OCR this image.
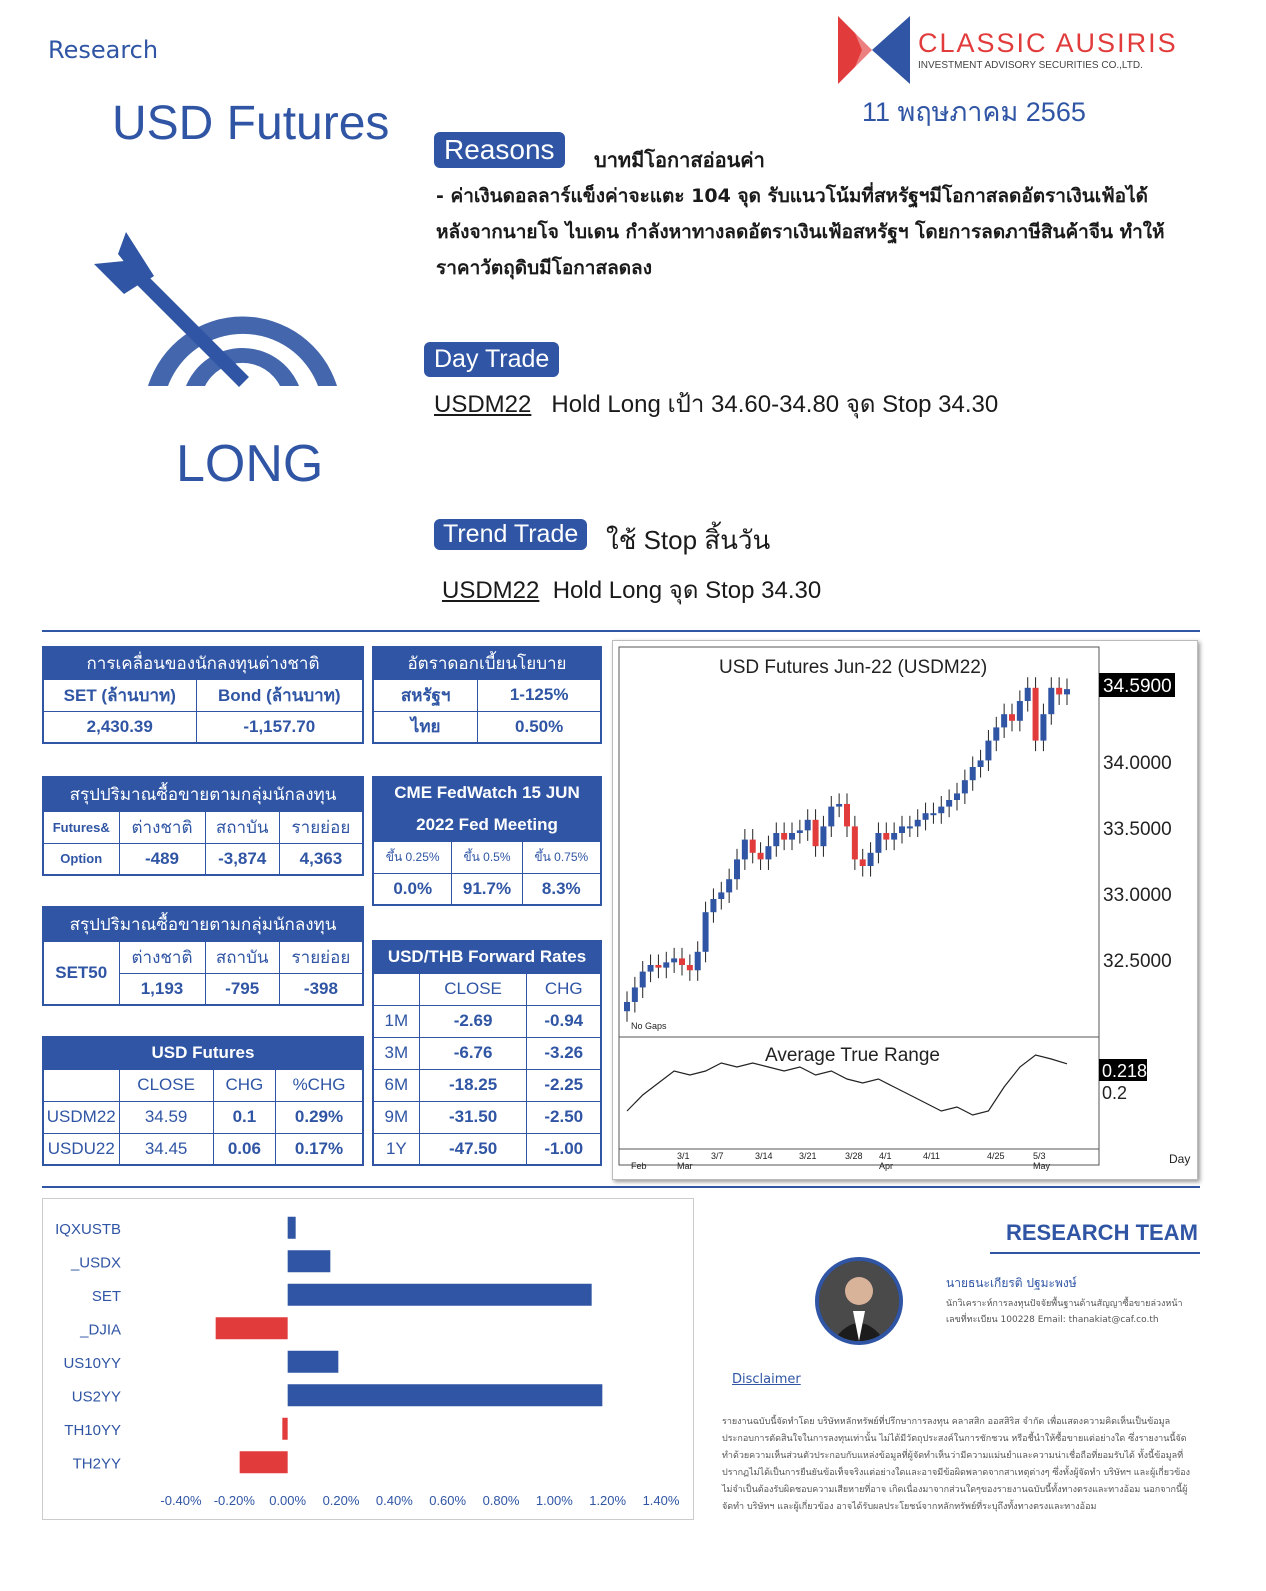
Research
USD Futures
CLASSIC AUSIRIS
INVESTMENT ADVISORY SECURITIES CO.,LTD.
11 พฤษภาคม 2565
LONG
Reasons	บาทมีโอกาสอ่อนค่า
- ค่าเงินดอลลาร์แข็งค่าจะแตะ 104 จุด รับแนวโน้มที่สหรัฐฯมีโอกาสลดอัตราเงินเฟ้อได้ หลังจากนายโจ ไบเดน กำลังหาทางลดอัตราเงินเฟ้อสหรัฐฯ โดยการลดภาษีสินค้าจีน ทำให้ราคาวัตถุดิบมีโอกาสลดลง
Day Trade
USDM22 Hold Long เป้า 34.60-34.80 จุด Stop 34.30
Trend Trade	ใช้ Stop สิ้นวัน
USDM22 Hold Long จุด Stop 34.30
การเคลื่อนของนักลงทุนต่างชาติ	
SET (ล้านบาท)	Bond (ล้านบาท)
2,430.39	-1,157.70
อัตราดอกเบี้ยนโยบาย	
สหรัฐฯ	1-125%
ไทย	0.50%
สรุปปริมาณซื้อขายตามกลุ่มนักลงทุน			
Futures&	ต่างชาติ	สถาบัน	รายย่อย
Option	-489	-3,874	4,363
CME FedWatch 15 JUN		
2022 Fed Meeting		
ขึ้น 0.25%	ขึ้น 0.5%	ขึ้น 0.75%
0.0%	91.7%	8.3%
สรุปปริมาณซื้อขายตามกลุ่มนักลงทุน			
SET50	ต่างชาติ	สถาบัน	รายย่อย
	1,193	-795	-398
USD/THB Forward Rates		
	CLOSE	CHG
1M	-2.69	-0.94
3M	-6.76	-3.26
6M	-18.25	-2.25
9M	-31.50	-2.50
1Y	-47.50	-1.00
USD Futures			
	CLOSE	CHG	%CHG
USDM22	34.59	0.1	0.29%
USDU22	34.45	0.06	0.17%
USD Futures Jun-22 (USDM22)
34.5900
34.0000
33.5000
33.0000
32.5000
No Gaps
Average True Range
0.218
0.2
3/1 3/7	3/14	3/21	3/28 4/1	4/11	4/25	5/3
Feb	Mar	Apr	May	Day
IQXUSTB
_USDX
SET
_DJIA
US10YY
US2YY
TH10YY
TH2YY
-0.40% -0.20% 0.00% 0.20% 0.40% 0.60% 0.80% 1.00% 1.20% 1.40%
RESEARCH TEAM
นายธนะเกียรติ ปฐมะพงษ์
นักวิเคราะห์การลงทุนปัจจัยพื้นฐานด้านสัญญาซื้อขายล่วงหน้า เลขที่ทะเบียน 100228 Email: thanakiat@caf.co.th
Disclaimer
รายงานฉบับนี้จัดทำโดย บริษัทหลักทรัพย์ที่ปรึกษาการลงทุน คลาสสิก ออสสิริส จำกัด เพื่อแสดงความคิดเห็นเป็นข้อมูลประกอบการตัดสินใจในการลงทุนเท่านั้น ไม่ได้มีวัตถุประสงค์ในการชักชวน หรือชี้นำให้ซื้อขายแต่อย่างใด ซึ่งรายงานนี้จัดทำด้วยความเห็นส่วนตัวประกอบกับแหล่งข้อมูลที่ผู้จัดทำเห็นว่ามีความแม่นยำและความน่าเชื่อถือที่ยอมรับได้ ทั้งนี้ข้อมูลที่ปรากฏไม่ได้เป็นการยืนยันข้อเท็จจริงแต่อย่างใดและอาจมีข้อผิดพลาดจากสาเหตุต่างๆ ซึ่งทั้งผู้จัดทำ บริษัทฯ และผู้เกี่ยวข้องไม่จำเป็นต้องรับผิดชอบความเสียหายที่อาจ เกิดเนื่องมาจากส่วนใดๆของรายงานฉบับนี้ทั้งทางตรงและทางอ้อม นอกจากนี้ผู้จัดทำ บริษัทฯ และผู้เกี่ยวข้อง อาจได้รับผลประโยชน์จากหลักทรัพย์ที่ระบุถึงทั้งทางตรงและทางอ้อม
